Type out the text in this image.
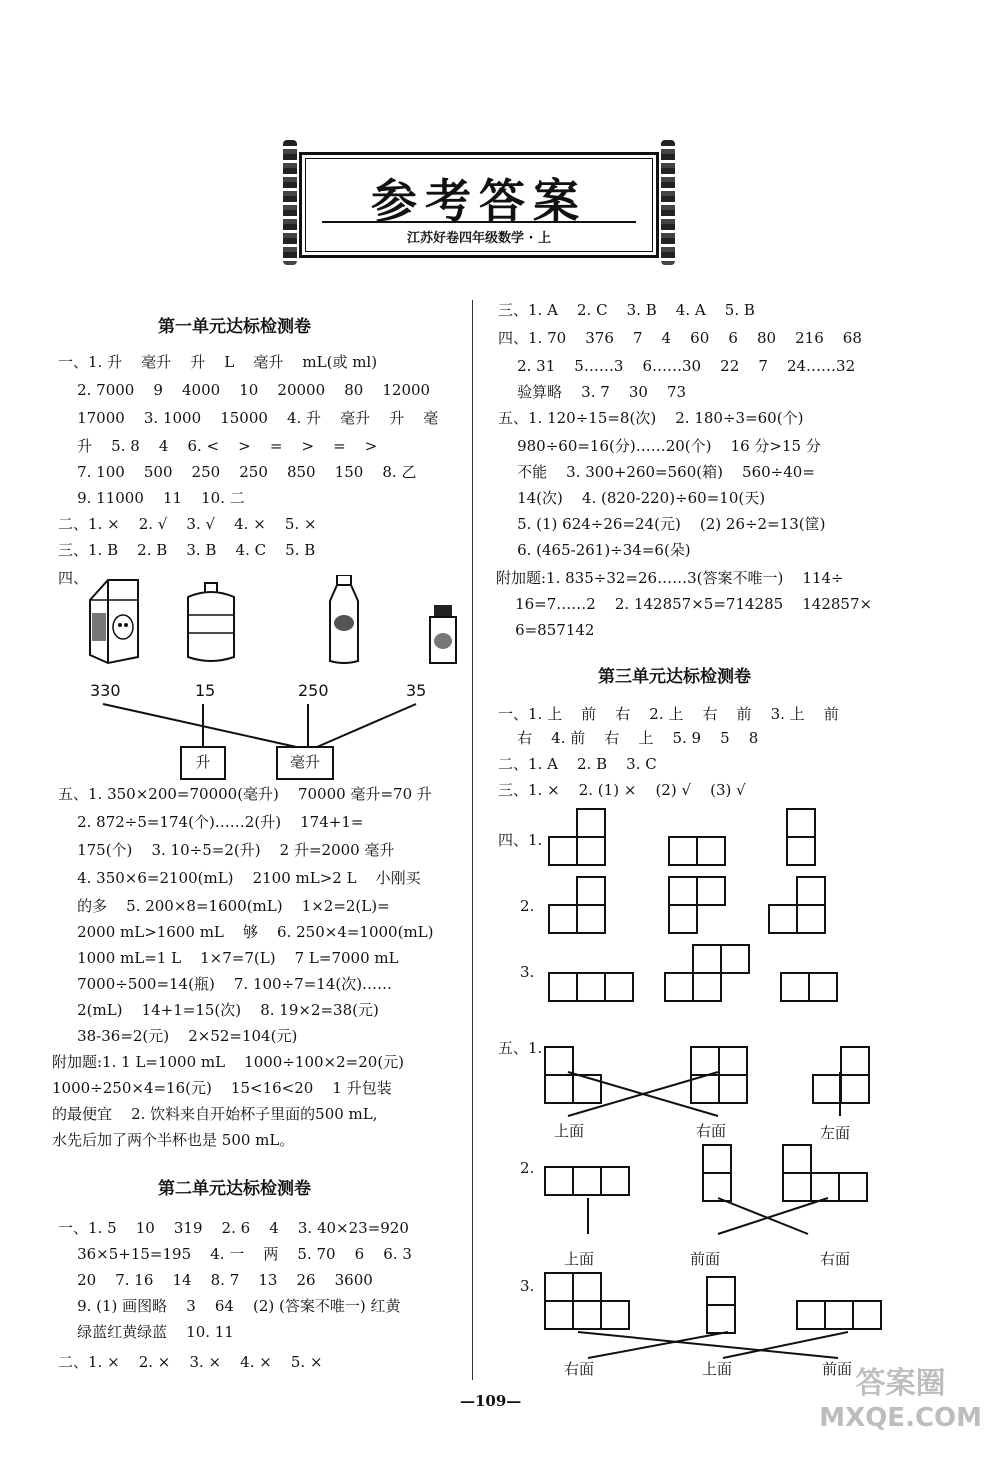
参考答案
江苏好卷四年级数学 · 上
第一单元达标检测卷
一、1. 升    毫升    升    L    毫升    mL(或 ml)
2. 7000    9    4000    10    20000    80    12000
17000    3. 1000    15000    4. 升    毫升    升    毫
升    5. 8    4    6. <    >    =    >    =    >
7. 100    500    250    250    850    150    8. 乙
9. 11000    11    10. 二
二、1. ×    2. √    3. √    4. ×    5. ×
三、1. B    2. B    3. B    4. C    5. B
四、
330	15	250	35
升	毫升
五、1. 350×200=70000(毫升)    70000 毫升=70 升
2. 872÷5=174(个)……2(升)    174+1=
175(个)    3. 10÷5=2(升)    2 升=2000 毫升
4. 350×6=2100(mL)    2100 mL>2 L    小刚买
的多    5. 200×8=1600(mL)    1×2=2(L)=
2000 mL>1600 mL    够    6. 250×4=1000(mL)
1000 mL=1 L    1×7=7(L)    7 L=7000 mL
7000÷500=14(瓶)    7. 100÷7=14(次)……
2(mL)    14+1=15(次)    8. 19×2=38(元)
38-36=2(元)    2×52=104(元)
附加题:1. 1 L=1000 mL    1000÷100×2=20(元)
1000÷250×4=16(元)    15<16<20    1 升包装
的最便宜    2. 饮料来自开始杯子里面的500 mL,
水先后加了两个半杯也是 500 mL。
第二单元达标检测卷
一、1. 5    10    319    2. 6    4    3. 40×23=920
36×5+15=195    4. 一    两    5. 70    6    6. 3
20    7. 16    14    8. 7    13    26    3600
9. (1) 画图略    3    64    (2) (答案不唯一) 红黄
绿蓝红黄绿蓝    10. 11
二、1. ×    2. ×    3. ×    4. ×    5. ×
三、1. A    2. C    3. B    4. A    5. B
四、1. 70    376    7    4    60    6    80    216    68
2. 31    5……3    6……30    22    7    24……32
验算略    3. 7    30    73
五、1. 120÷15=8(次)    2. 180÷3=60(个)
980÷60=16(分)……20(个)    16 分>15 分
不能    3. 300+260=560(箱)    560÷40=
14(次)    4. (820-220)÷60=10(天)
5. (1) 624÷26=24(元)    (2) 26÷2=13(筐)
6. (465-261)÷34=6(朵)
附加题:1. 835÷32=26……3(答案不唯一)    114÷
16=7……2    2. 142857×5=714285    142857×
6=857142
第三单元达标检测卷
一、1. 上    前    右    2. 上    右    前    3. 上    前
右    4. 前    右    上    5. 9    5    8
二、1. A    2. B    3. C
三、1. ×    2. (1) ×    (2) √    (3) √
四、1.
2.
3.
五、1.
上面	右面	左面
2.
上面	前面	右面
3.
右面	上面	前面
—109—	答案圈
MXQE.COM
